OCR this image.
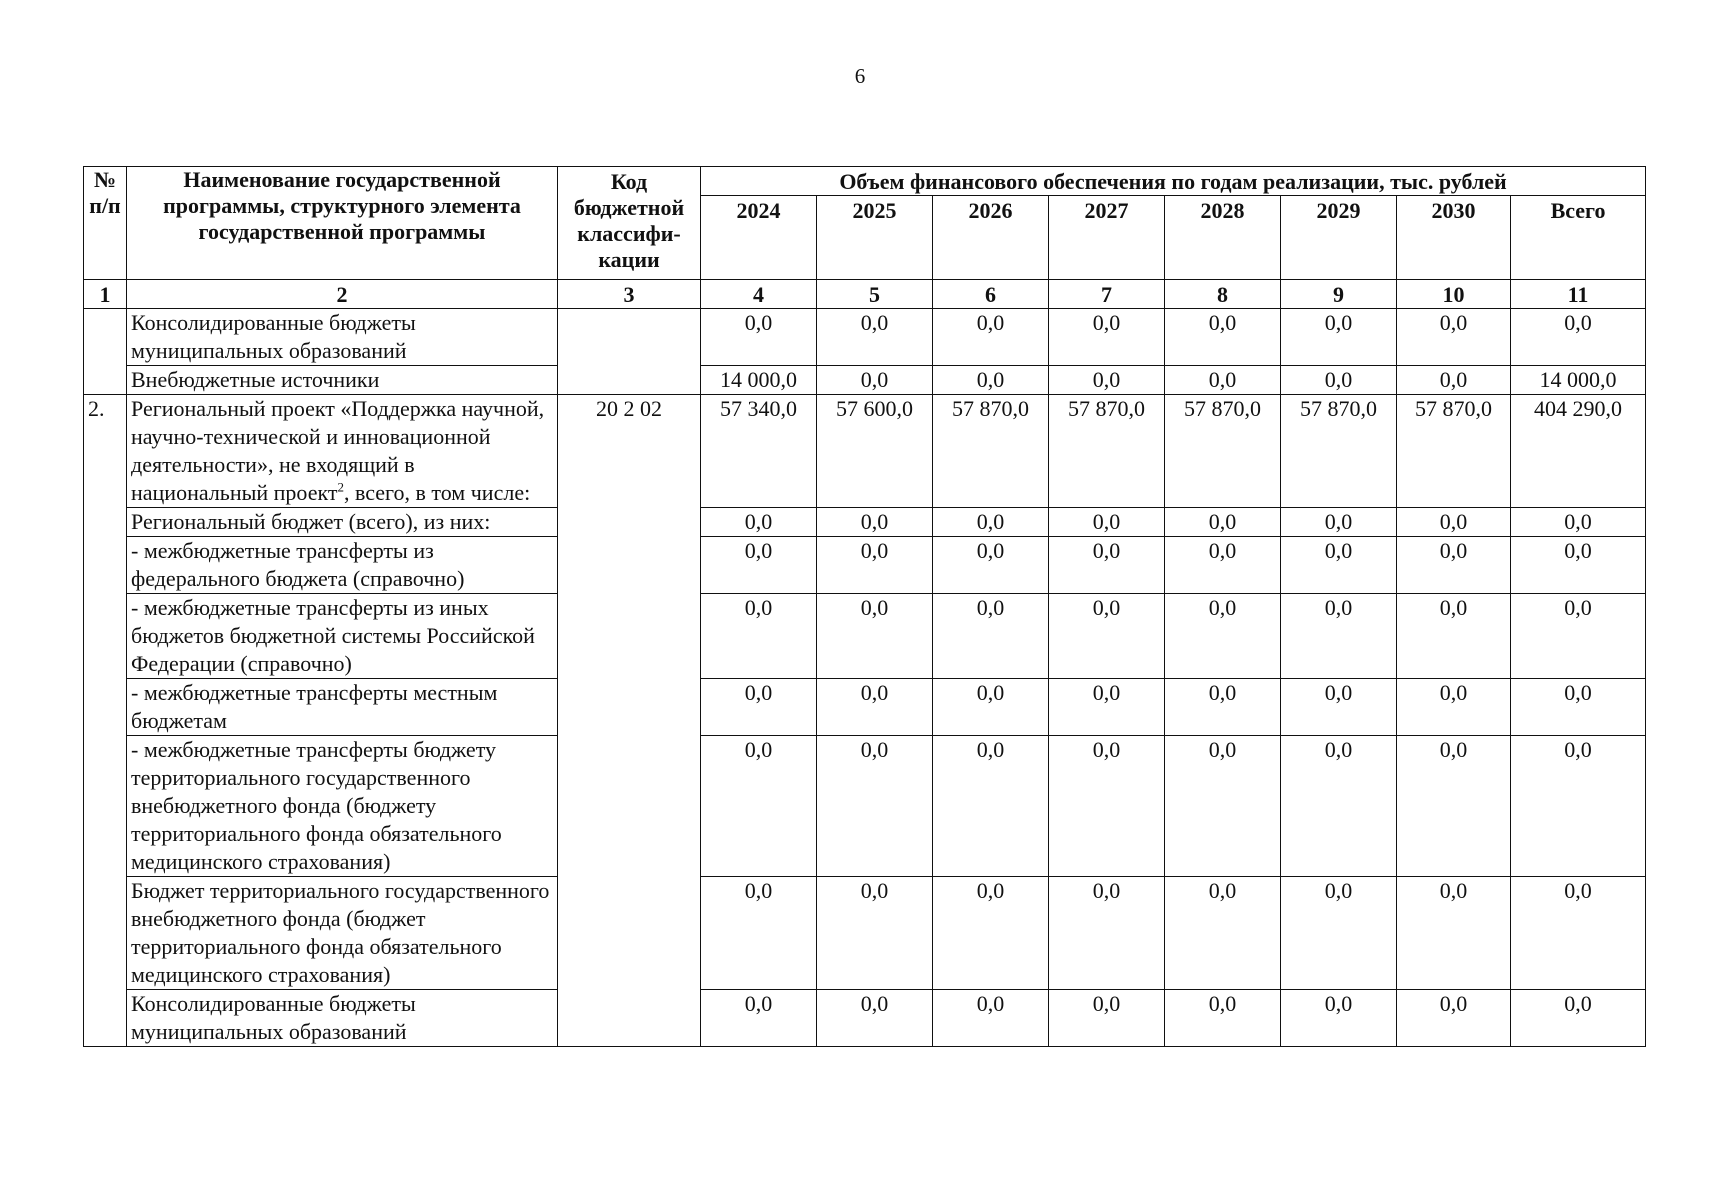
6
№ п/п	Наименование государственной программы, структурного элемента государственной программы	Код бюджетной классифи-кации	Объем финансового обеспечения по годам реализации, тыс. рублей							
			2024	2025	2026	2027	2028	2029	2030	Всего
1	2	3	4	5	6	7	8	9	10	11
	Консолидированные бюджеты муниципальных образований		0,0	0,0	0,0	0,0	0,0	0,0	0,0	0,0
	Внебюджетные источники		14 000,0	0,0	0,0	0,0	0,0	0,0	0,0	14 000,0
2.	Региональный проект «Поддержка научной, научно-технической и инновационной деятельности», не входящий в национальный проект$^2$, всего, в том числе:	20 2 02	57 340,0	57 600,0	57 870,0	57 870,0	57 870,0	57 870,0	57 870,0	404 290,0
	Региональный бюджет (всего), из них:		0,0	0,0	0,0	0,0	0,0	0,0	0,0	0,0
	- межбюджетные трансферты из федерального бюджета (справочно)		0,0	0,0	0,0	0,0	0,0	0,0	0,0	0,0
	- межбюджетные трансферты из иных бюджетов бюджетной системы Российской Федерации (справочно)		0,0	0,0	0,0	0,0	0,0	0,0	0,0	0,0
	- межбюджетные трансферты местным бюджетам		0,0	0,0	0,0	0,0	0,0	0,0	0,0	0,0
	- межбюджетные трансферты бюджету территориального государственного внебюджетного фонда (бюджету территориального фонда обязательного медицинского страхования)		0,0	0,0	0,0	0,0	0,0	0,0	0,0	0,0
	Бюджет территориального государственного внебюджетного фонда (бюджет территориального фонда обязательного медицинского страхования)		0,0	0,0	0,0	0,0	0,0	0,0	0,0	0,0
	Консолидированные бюджеты муниципальных образований		0,0	0,0	0,0	0,0	0,0	0,0	0,0	0,0
